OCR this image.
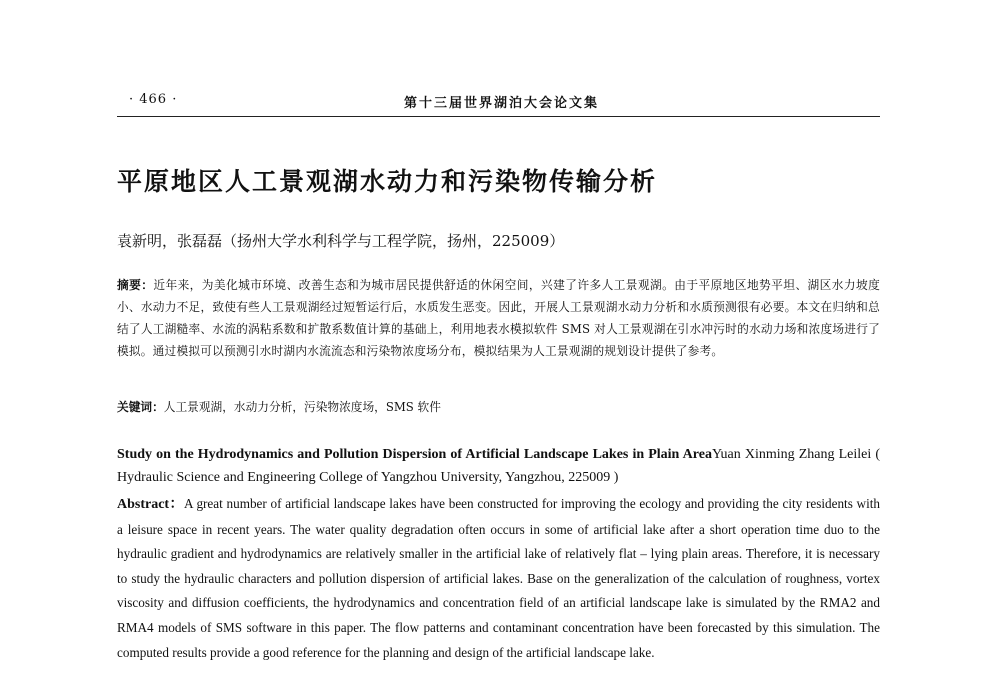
· 466 ·	第十三届世界湖泊大会论文集
平原地区人工景观湖水动力和污染物传输分析
袁新明，张磊磊（扬州大学水利科学与工程学院，扬州，225009）
摘要：近年来，为美化城市环境、改善生态和为城市居民提供舒适的休闲空间，兴建了许多人工景观湖。由于平原地区地势平坦、湖区水力坡度小、水动力不足，致使有些人工景观湖经过短暂运行后，水质发生恶变。因此，开展人工景观湖水动力分析和水质预测很有必要。本文在归纳和总结了人工湖糙率、水流的涡粘系数和扩散系数值计算的基础上，利用地表水模拟软件 SMS 对人工景观湖在引水冲污时的水动力场和浓度场进行了模拟。通过模拟可以预测引水时湖内水流流态和污染物浓度场分布，模拟结果为人工景观湖的规划设计提供了参考。
关键词：人工景观湖，水动力分析，污染物浓度场，SMS 软件
Study on the Hydrodynamics and Pollution Dispersion of Artificial Landscape Lakes in Plain AreaYuan Xinming Zhang Leilei ( Hydraulic Science and Engineering College of Yangzhou University, Yangzhou, 225009 )
Abstract：A great number of artificial landscape lakes have been constructed for improving the ecology and providing the city residents with a leisure space in recent years. The water quality degradation often occurs in some of artificial lake after a short operation time duo to the hydraulic gradient and hydrodynamics are relatively smaller in the artificial lake of relatively flat – lying plain areas. Therefore, it is necessary to study the hydraulic characters and pollution dispersion of artificial lakes. Base on the generalization of the calculation of roughness, vortex viscosity and diffusion coefficients, the hydrodynamics and concentration field of an artificial landscape lake is simulated by the RMA2 and RMA4 models of SMS software in this paper. The flow patterns and contaminant concentration have been forecasted by this simulation. The computed results provide a good reference for the planning and design of the artificial landscape lake.
